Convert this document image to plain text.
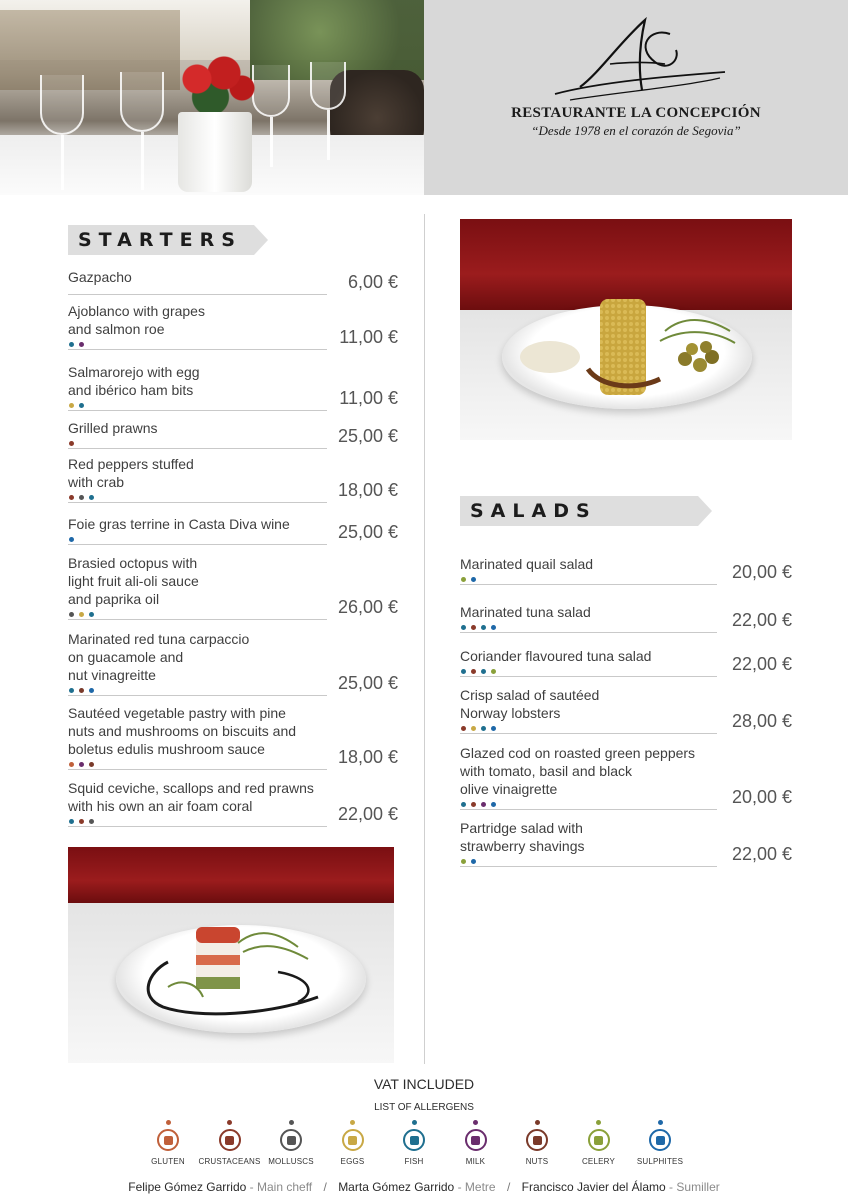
RESTAURANTE LA CONCEPCIÓN
“Desde 1978 en el corazón de Segovia”
STARTERS
Gazpacho	6,00 €
Ajoblanco with grapes
and salmon roe	11,00 €
Salmarorejo with egg
and ibérico ham bits	11,00 €
Grilled prawns	25,00 €
Red peppers stuffed
with crab	18,00 €
Foie gras terrine in Casta Diva wine	25,00 €
Brasied octopus with
light fruit ali-oli sauce
and paprika oil	26,00 €
Marinated red tuna carpaccio
on guacamole and
nut vinagreitte	25,00 €
Sautéed vegetable pastry with pine
nuts and mushrooms on biscuits and
boletus edulis mushroom sauce	18,00 €
Squid ceviche, scallops and red prawns
with his own an air foam coral	22,00 €
SALADS
Marinated quail salad	20,00 €
Marinated tuna salad	22,00 €
Coriander flavoured tuna salad	22,00 €
Crisp salad of sautéed
Norway lobsters	28,00 €
Glazed cod on roasted green peppers
with tomato, basil and black
olive vinaigrette	20,00 €
Partridge salad with
strawberry shavings	22,00 €
VAT INCLUDED
LIST OF ALLERGENS
GLUTEN	CRUSTACEANS MOLLUSCS	EGGS	FISH	MILK	NUTS	CELERY	SULPHITES
Felipe Gómez Garrido - Main cheff / Marta Gómez Garrido - Metre / Francisco Javier del Álamo - Sumiller
